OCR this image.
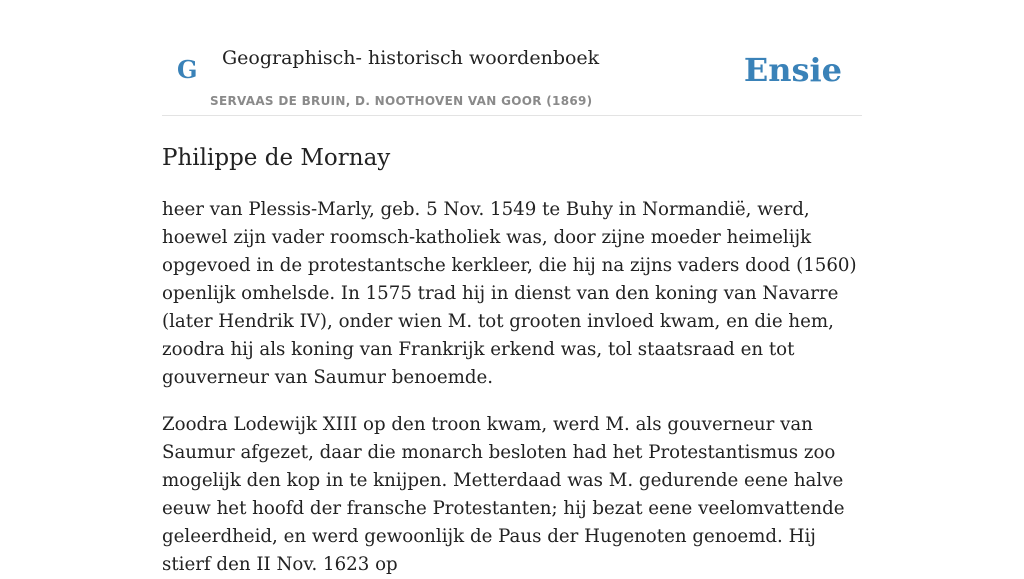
G Geographisch- historisch woordenboek
SERVAAS DE BRUIN, D. NOOTHOVEN VAN GOOR (1869)
Ensie
Philippe de Mornay

heer van Plessis-Marly, geb. 5 Nov. 1549 te Buhy in Normandië, werd, hoewel zijn vader roomsch-katholiek was, door zijne moeder heimelijk opgevoed in de protestantsche kerkleer, die hij na zijns vaders dood (1560) openlijk omhelsde. In 1575 trad hij in dienst van den koning van Navarre (later Hendrik IV), onder wien M. tot grooten invloed kwam, en die hem, zoodra hij als koning van Frankrijk erkend was, tol staatsraad en tot gouverneur van Saumur benoemde.

Zoodra Lodewijk XIII op den troon kwam, werd M. als gouverneur van Saumur afgezet, daar die monarch besloten had het Protestantismus zoo mogelijk den kop in te knijpen. Metterdaad was M. gedurende eene halve eeuw het hoofd der fransche Protestanten; hij bezat eene veelomvattende geleerdheid, en werd gewoonlijk de Paus der Hugenoten genoemd. Hij stierf den II Nov. 1623 op
